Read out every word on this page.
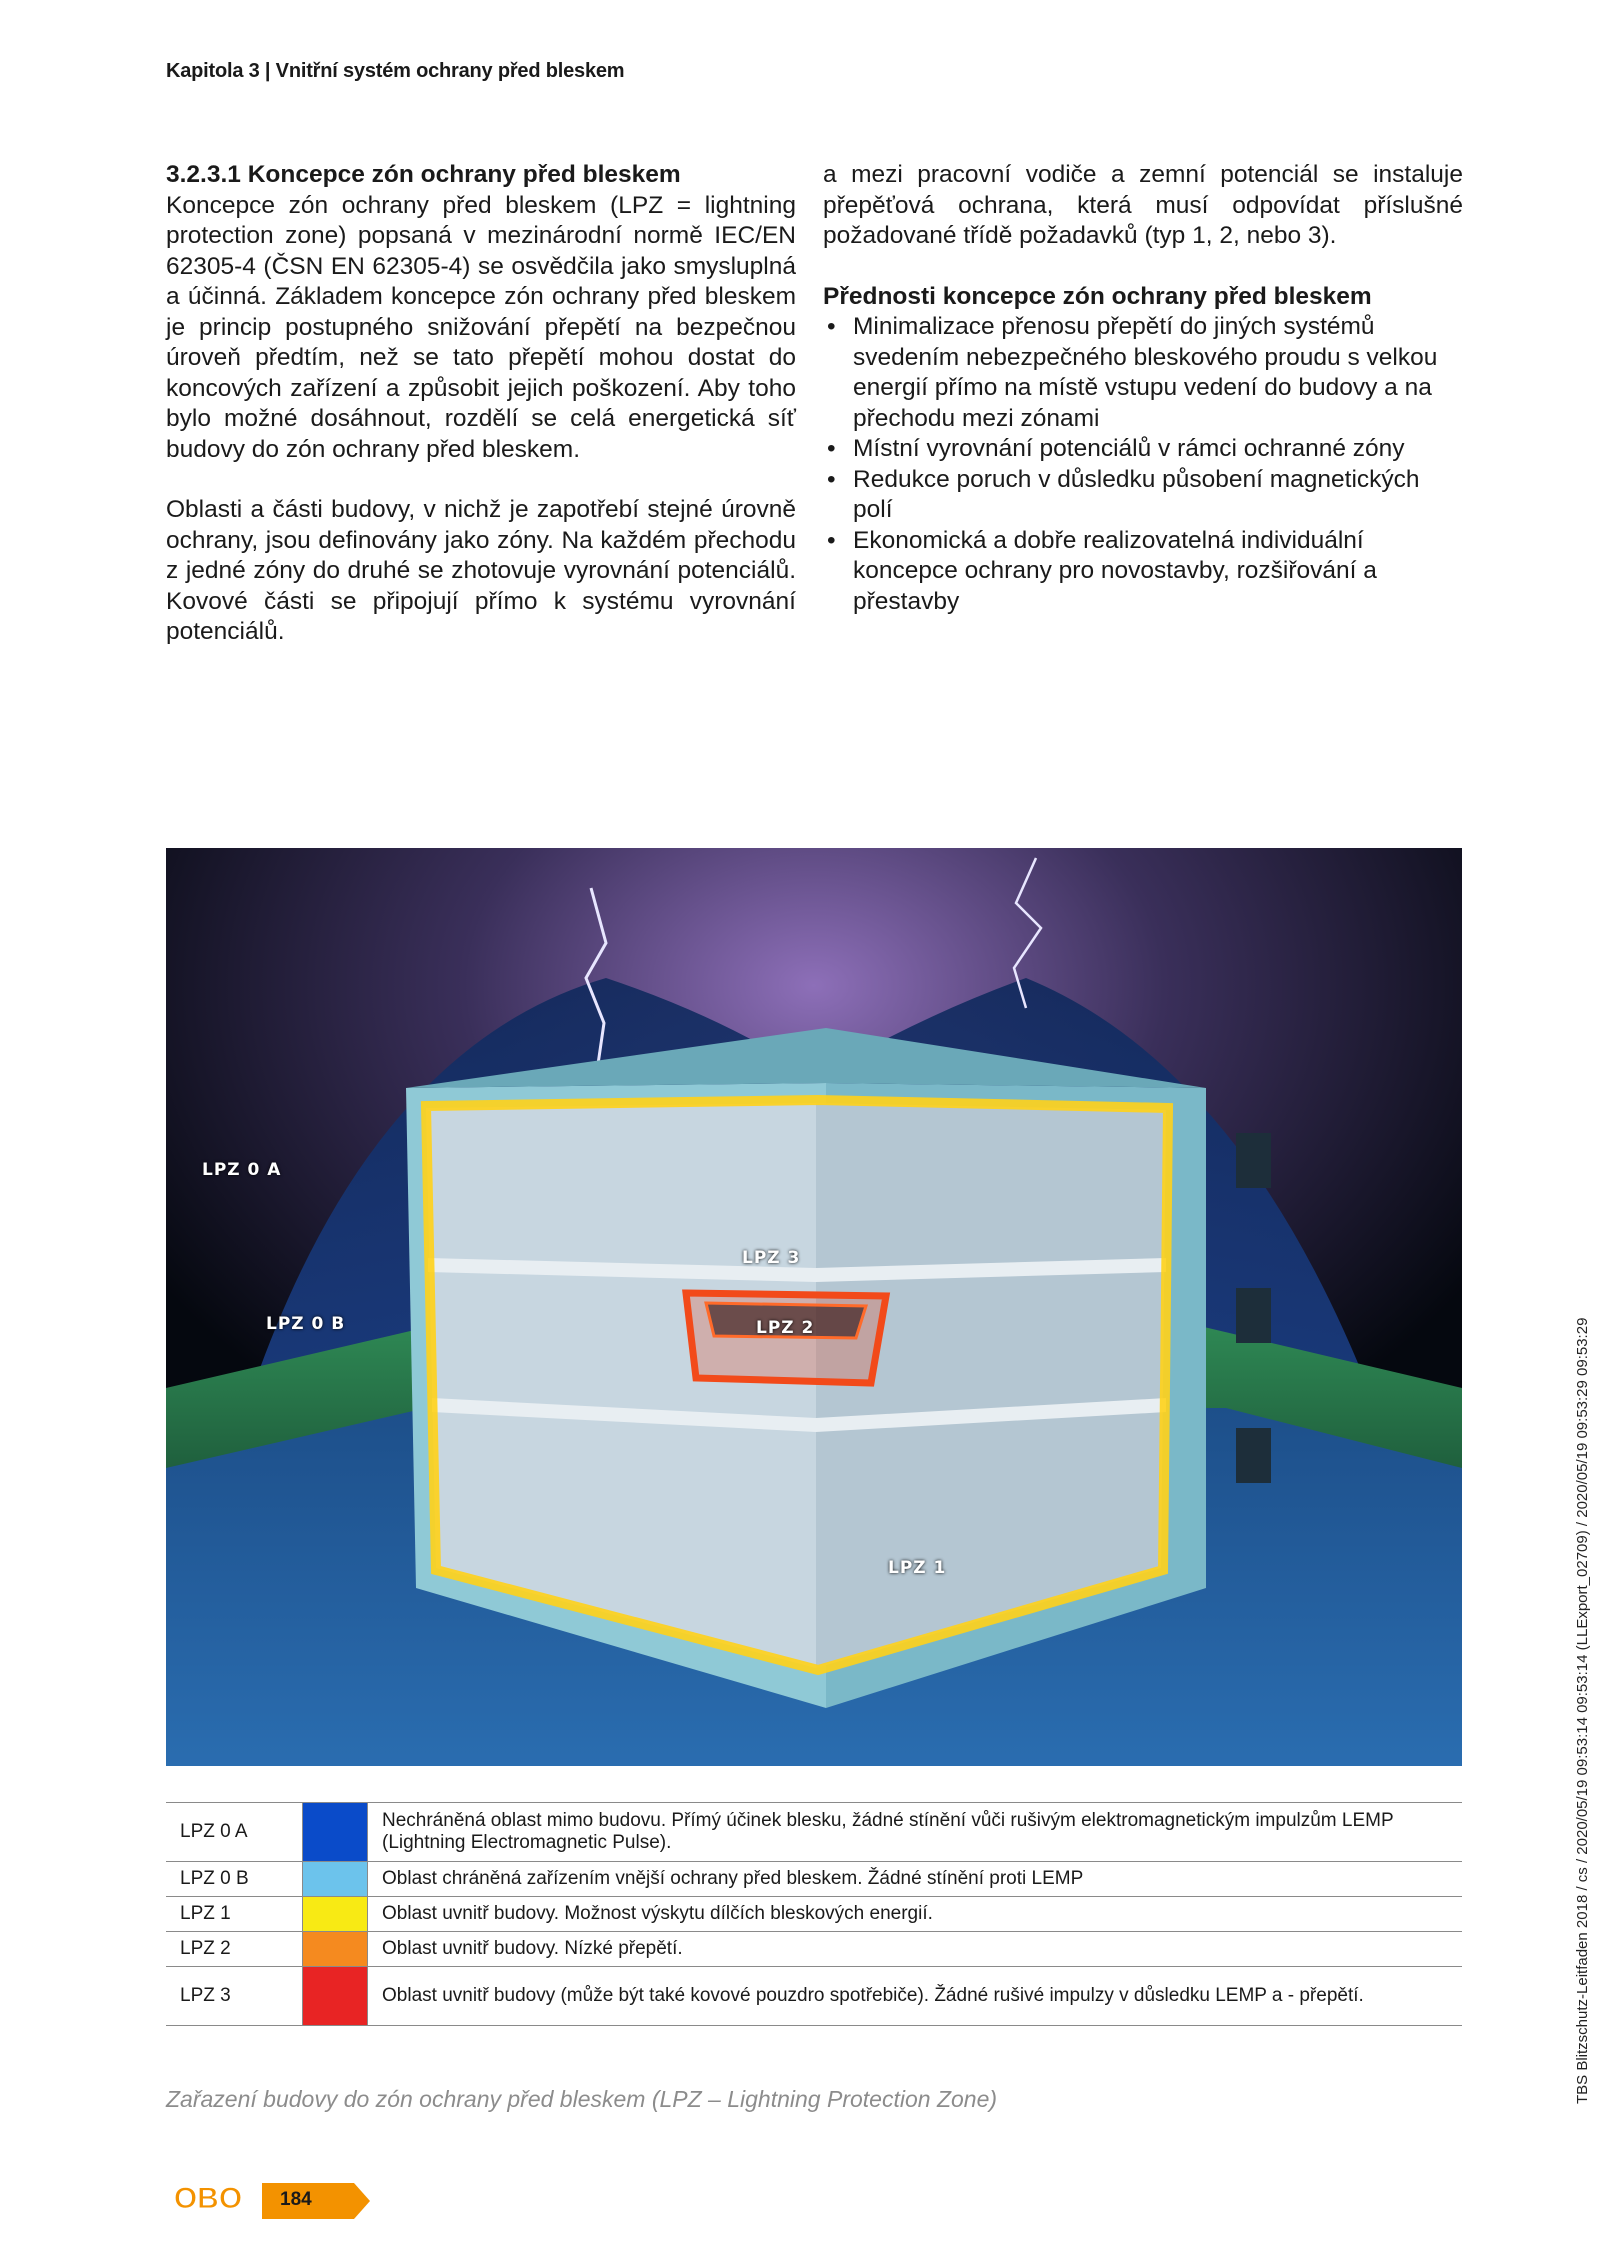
Kapitola 3 | Vnitřní systém ochrany před bleskem
3.2.3.1 Koncepce zón ochrany před bleskem

Koncepce zón ochrany před bleskem (LPZ = lightning protection zone) popsaná v mezinárodní normě IEC/EN 62305-4 (ČSN EN 62305-4) se osvědčila jako smysluplná a účinná. Základem koncepce zón ochrany před bleskem je princip postupného snižování přepětí na bezpečnou úroveň předtím, než se tato přepětí mohou dostat do koncových zařízení a způsobit jejich poškození. Aby toho bylo možné dosáhnout, rozdělí se celá energetická síť budovy do zón ochrany před bleskem.

Oblasti a části budovy, v nichž je zapotřebí stejné úrovně ochrany, jsou definovány jako zóny. Na každém přechodu z jedné zóny do druhé se zhotovuje vyrovnání potenciálů. Kovové části se připojují přímo k systému vyrovnání potenciálů.

a mezi pracovní vodiče a zemní potenciál se instaluje přepěťová ochrana, která musí odpovídat příslušné požadované třídě požadavků (typ 1, 2, nebo 3).

Přednosti koncepce zón ochrany před bleskem
• Minimalizace přenosu přepětí do jiných systémů svedením nebezpečného bleskového proudu s velkou energií přímo na místě vstupu vedení do budovy a na přechodu mezi zónami
• Místní vyrovnání potenciálů v rámci ochranné zóny
• Redukce poruch v důsledku působení magnetických polí
• Ekonomická a dobře realizovatelná individuální koncepce ochrany pro novostavby, rozšiřování a přestavby
LPZ 0 A
LPZ 0 B
LPZ 3
LPZ 2
LPZ 1
LPZ 0 A		Nechráněná oblast mimo budovu. Přímý účinek blesku, žádné stínění vůči rušivým elektromagnetickým impulzům LEMP (Lightning Electromagnetic Pulse).
LPZ 0 B		Oblast chráněná zařízením vnější ochrany před bleskem. Žádné stínění proti LEMP
LPZ 1		Oblast uvnitř budovy. Možnost výskytu dílčích bleskových energií.
LPZ 2		Oblast uvnitř budovy. Nízké přepětí.
LPZ 3		Oblast uvnitř budovy (může být také kovové pouzdro spotřebiče). Žádné rušivé impulzy v důsledku LEMP a - přepětí.
Zařazení budovy do zón ochrany před bleskem (LPZ – Lightning Protection Zone)	TBS Blitzschutz-Leitfaden 2018 / cs / 2020/05/19 09:53:14 09:53:14 (LLExport_02709) / 2020/05/19 09:53:29 09:53:29
OBO 184
